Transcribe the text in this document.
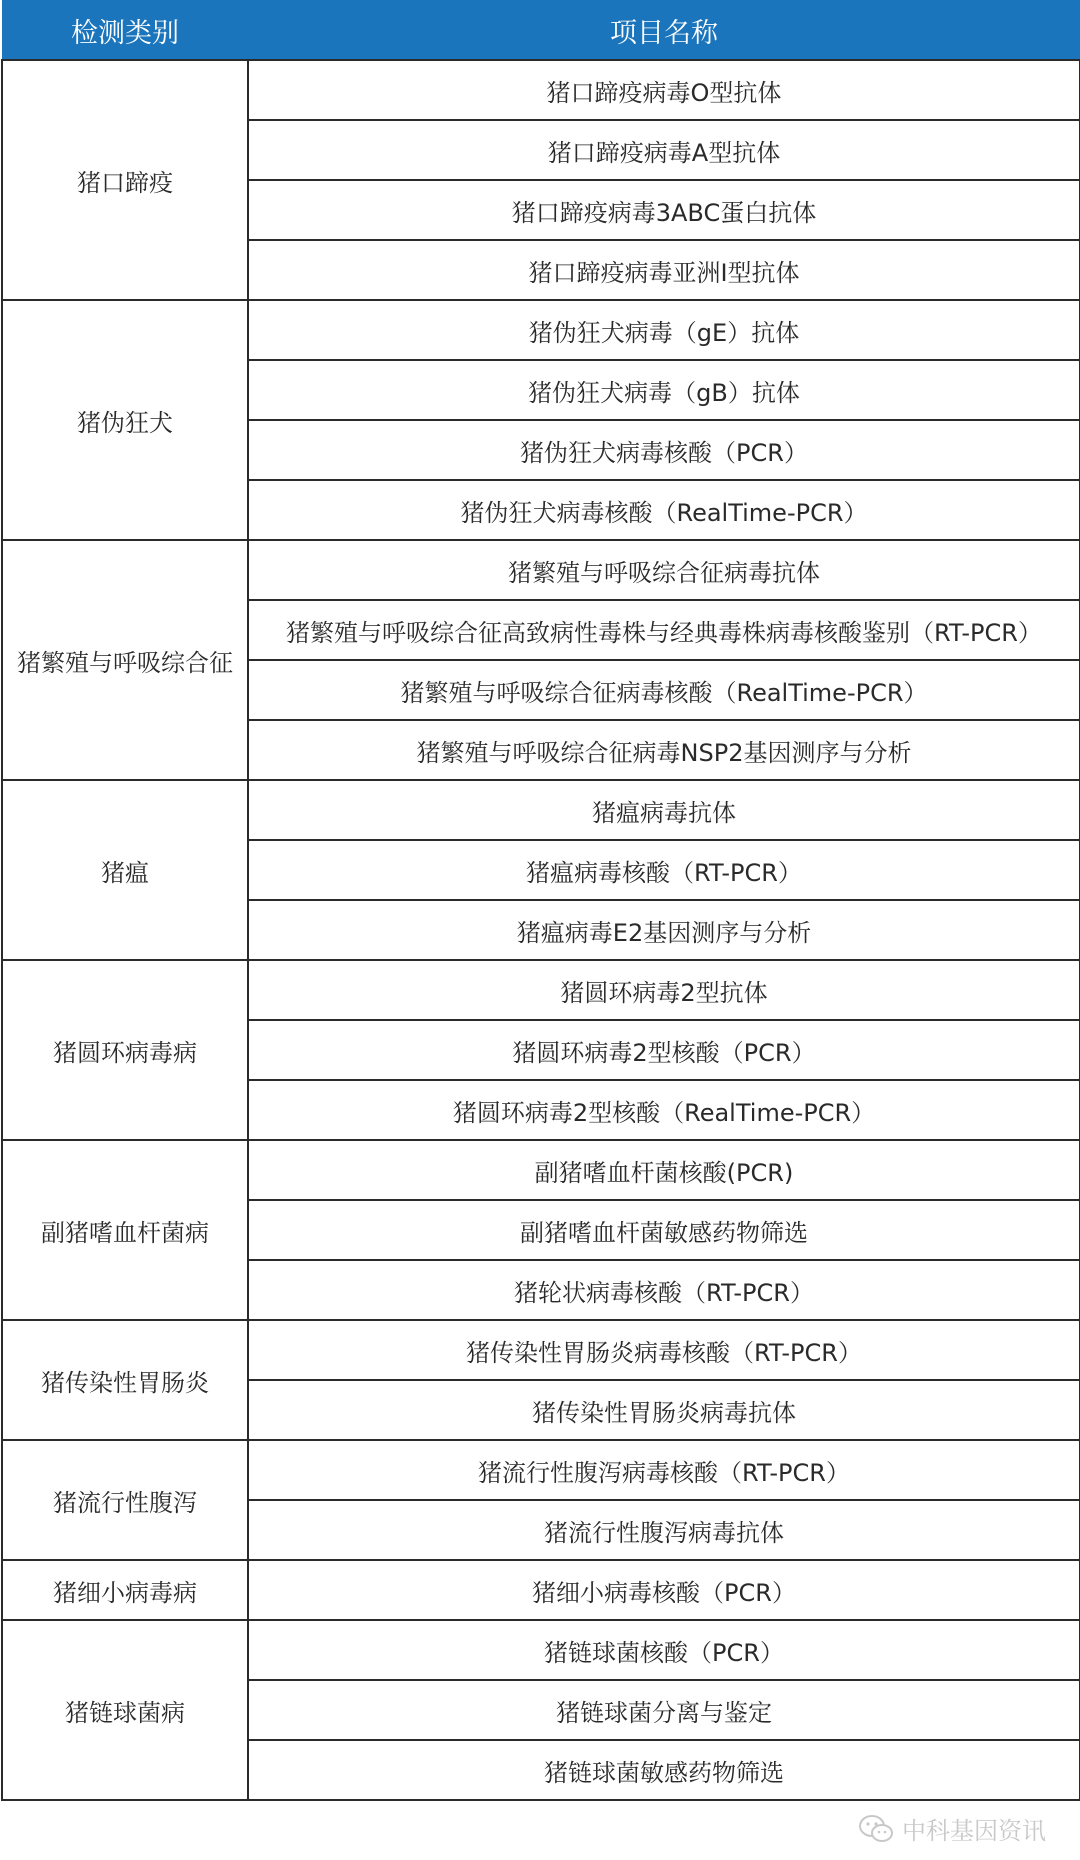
检测类别	项目名称
猪口蹄疫	猪口蹄疫病毒O型抗体
	猪口蹄疫病毒A型抗体
	猪口蹄疫病毒3ABC蛋白抗体
	猪口蹄疫病毒亚洲I型抗体
猪伪狂犬	猪伪狂犬病毒（gE）抗体
	猪伪狂犬病毒（gB）抗体
	猪伪狂犬病毒核酸（PCR）
	猪伪狂犬病毒核酸（RealTime-PCR）
猪繁殖与呼吸综合征	猪繁殖与呼吸综合征病毒抗体
	猪繁殖与呼吸综合征高致病性毒株与经典毒株病毒核酸鉴别（RT-PCR）
	猪繁殖与呼吸综合征病毒核酸（RealTime-PCR）
	猪繁殖与呼吸综合征病毒NSP2基因测序与分析
猪瘟	猪瘟病毒抗体
	猪瘟病毒核酸（RT-PCR）
	猪瘟病毒E2基因测序与分析
猪圆环病毒病	猪圆环病毒2型抗体
	猪圆环病毒2型核酸（PCR）
	猪圆环病毒2型核酸（RealTime-PCR）
副猪嗜血杆菌病	副猪嗜血杆菌核酸(PCR)
	副猪嗜血杆菌敏感药物筛选
	猪轮状病毒核酸（RT-PCR）
猪传染性胃肠炎	猪传染性胃肠炎病毒核酸（RT-PCR）
	猪传染性胃肠炎病毒抗体
猪流行性腹泻	猪流行性腹泻病毒核酸（RT-PCR）
	猪流行性腹泻病毒抗体
猪细小病毒病	猪细小病毒核酸（PCR）
猪链球菌病	猪链球菌核酸（PCR）
	猪链球菌分离与鉴定
	猪链球菌敏感药物筛选
中科基因资讯
